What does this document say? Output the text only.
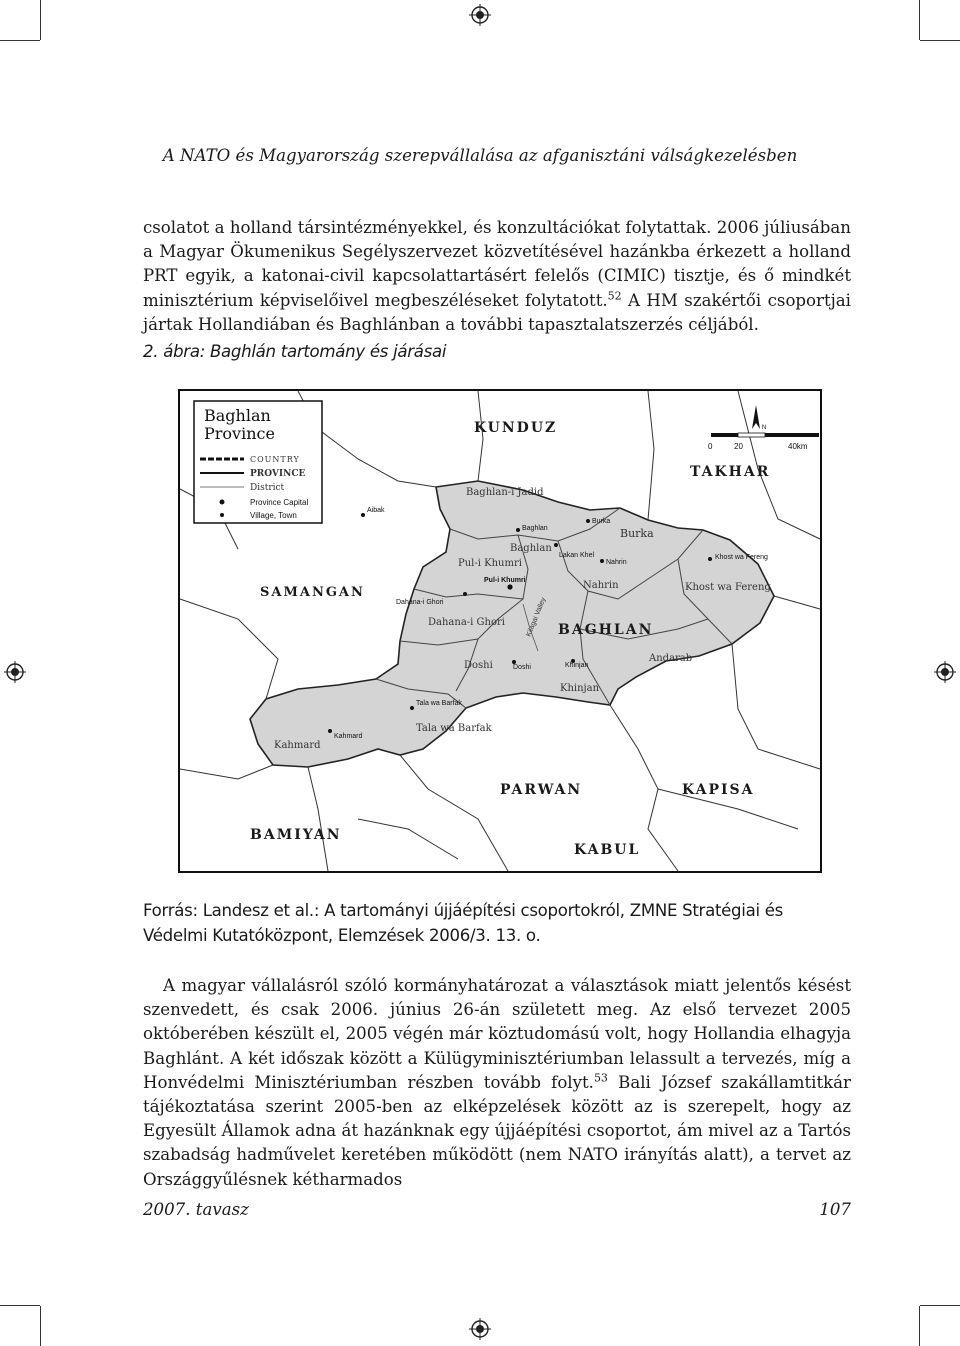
A NATO és Magyarország szerepvállalása az afganisztáni válságkezelésben
csolatot a holland társintézményekkel, és konzultációkat folytattak. 2006 júliusában a Magyar Ökumenikus Segélyszervezet közvetítésével hazánkba érkezett a holland PRT egyik, a katonai-civil kapcsolattartásért felelős (CIMIC) tisztje, és ő mindkét minisztérium képviselőivel megbeszéléseket folytatott.$^{52}$ A HM szakértői csoportjai jártak Hollandiában és Baghlánban a további tapasztalatszerzés céljából.
2. ábra: Baghlán tartomány és járásai
Baghlan
Province
COUNTRY
PROVINCE
District
Province Capital
Village, Town
N
0	20	40km
KUNDUZ
TAKHAR
SAMANGAN
BAGHLAN
PARWAN	KAPISA
BAMIYAN
KABUL
Baghlan-i Jadid
Burka
Pul-i Khumri
Baghlan
Nahrin	Khost wa Fereng
Dahana-i Ghori
Andarab
Doshi
Khinjan
Tala wa Barfak
Kahmard
Aibak
Baghlan
Burka
Lakan Khel
Nahrin
Khost wa Fereng
Pul-i Khumri
Dahana-i Ghori
Doshi	Khinjan
Tala wa Barfak
Kahmard
Kilagai Valley
Forrás: Landesz et al.: A tartományi újjáépítési csoportokról, ZMNE Stratégiai és Védelmi Kutatóközpont, Elemzések 2006/3. 13. o.
A magyar vállalásról szóló kormányhatározat a választások miatt jelentős késést szenvedett, és csak 2006. június 26-án született meg. Az első tervezet 2005 októberében készült el, 2005 végén már köztudomású volt, hogy Hollandia elhagyja Baghlánt. A két időszak között a Külügyminisztériumban lelassult a tervezés, míg a Honvédelmi Minisztériumban részben tovább folyt.$^{53}$ Bali József szakállamtitkár tájékoztatása szerint 2005-ben az elképzelések között az is szerepelt, hogy az Egyesült Államok adna át hazánknak egy újjáépítési csoportot, ám mivel az a Tartós szabadság hadművelet keretében működött (nem NATO irányítás alatt), a tervet az Országgyűlésnek kétharmados
2007. tavasz	107
